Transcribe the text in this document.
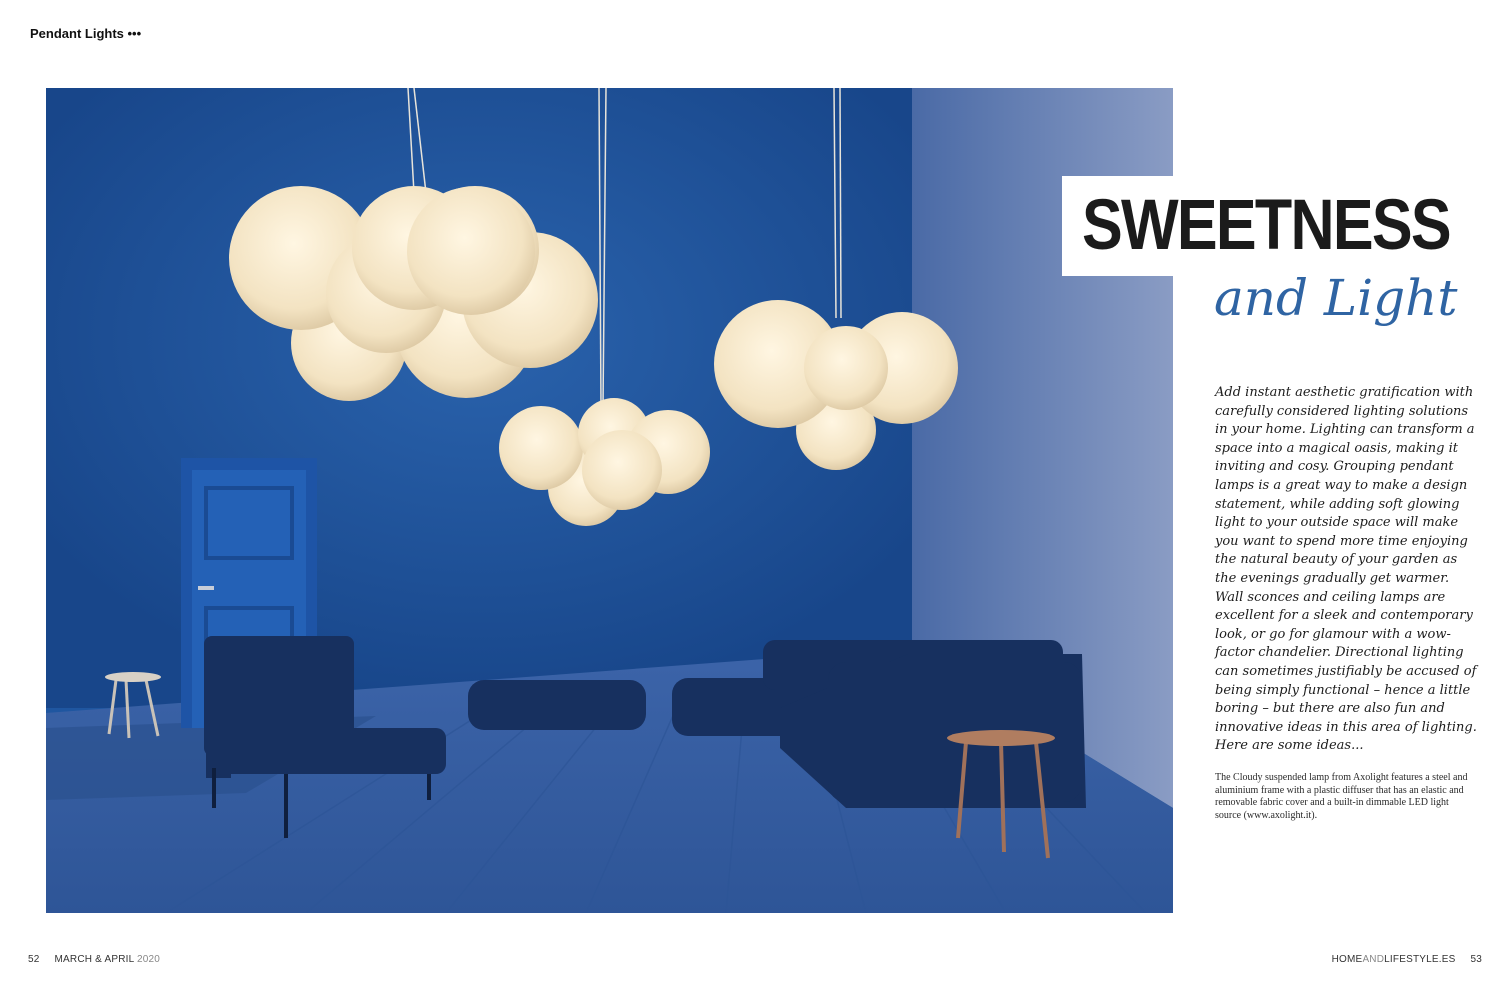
Pendant Lights •••
SWEETNESS
and Light

Add instant aesthetic gratification with carefully considered lighting solutions in your home. Lighting can transform a space into a magical oasis, making it inviting and cosy. Grouping pendant lamps is a great way to make a design statement, while adding soft glowing light to your outside space will make you want to spend more time enjoying the natural beauty of your garden as the evenings gradually get warmer. Wall sconces and ceiling lamps are excellent for a sleek and contemporary look, or go for glamour with a wow-factor chandelier. Directional lighting can sometimes justifiably be accused of being simply functional – hence a little boring – but there are also fun and innovative ideas in this area of lighting. Here are some ideas...

The Cloudy suspended lamp from Axolight features a steel and aluminium frame with a plastic diffuser that has an elastic and removable fabric cover and a built-in dimmable LED light source (www.axolight.it).

52 MARCH & APRIL 2020	HOMEANDLIFESTYLE.ES 53
